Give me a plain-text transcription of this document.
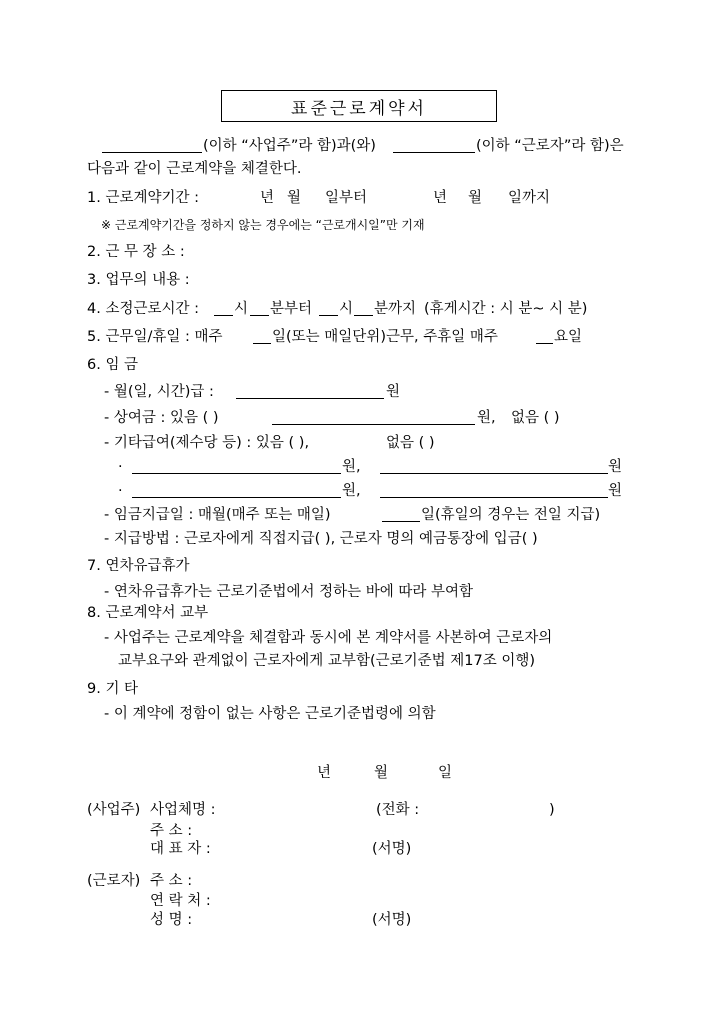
표준근로계약서
(이하 “사업주”라 함)과(와)	(이하 “근로자”라 함)은
다음과 같이 근로계약을 체결한다.
1. 근로계약기간 :	년 월 일부터	년 월 일까지
※ 근로계약기간을 정하지 않는 경우에는 “근로개시일”만 기재
2. 근 무 장 소 :
3. 업무의 내용 :
4. 소정근로시간 : 시 분부터 시 분까지 (휴게시간 : 시 분~ 시 분)
5. 근무일/휴일 : 매주	일(또는 매일단위)근무, 주휴일 매주	요일
6. 임 금
- 월(일, 시간)급 :	원
- 상여금 : 있음 ( )	원, 없음 ( )
- 기타급여(제수당 등) : 있음 ( ),	없음 ( )
·	원,	원
·	원,	원
- 임금지급일 : 매월(매주 또는 매일)	일(휴일의 경우는 전일 지급)
- 지급방법 : 근로자에게 직접지급( ), 근로자 명의 예금통장에 입금( )
7. 연차유급휴가
- 연차유급휴가는 근로기준법에서 정하는 바에 따라 부여함
8. 근로계약서 교부
- 사업주는 근로계약을 체결함과 동시에 본 계약서를 사본하여 근로자의
교부요구와 관계없이 근로자에게 교부함(근로기준법 제17조 이행)
9. 기 타
- 이 계약에 정함이 없는 사항은 근로기준법령에 의함
년	월	일
(사업주) 사업체명 :	(전화 :	)
주 소 :
대 표 자 :	(서명)
(근로자) 주 소 :
연 락 처 :
성 명 :	(서명)
